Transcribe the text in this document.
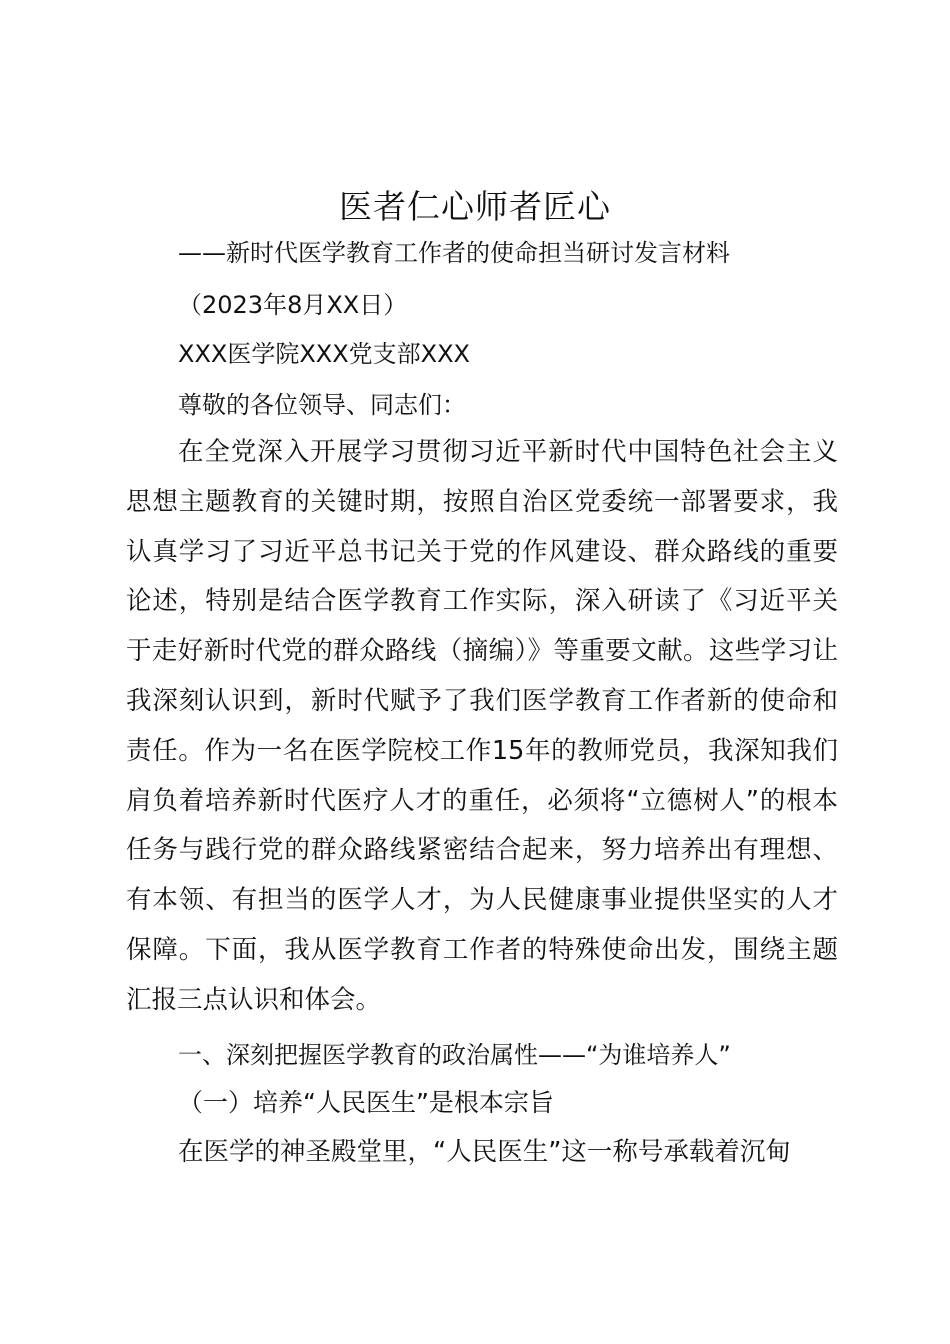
医者仁心师者匠心
——新时代医学教育工作者的使命担当研讨发言材料
（2023年8月XX日）
XXX医学院XXX党支部XXX
尊敬的各位领导、同志们：

在全党深入开展学习贯彻习近平新时代中国特色社会主义思想主题教育的关键时期，按照自治区党委统一部署要求，我认真学习了习近平总书记关于党的作风建设、群众路线的重要论述，特别是结合医学教育工作实际，深入研读了《习近平关于走好新时代党的群众路线（摘编）》等重要文献。这些学习让我深刻认识到，新时代赋予了我们医学教育工作者新的使命和责任。作为一名在医学院校工作15年的教师党员，我深知我们肩负着培养新时代医疗人才的重任，必须将“立德树人”的根本任务与践行党的群众路线紧密结合起来，努力培养出有理想、有本领、有担当的医学人才，为人民健康事业提供坚实的人才保障。下面，我从医学教育工作者的特殊使命出发，围绕主题汇报三点认识和体会。

一、深刻把握医学教育的政治属性——“为谁培养人”
（一）培养“人民医生”是根本宗旨

在医学的神圣殿堂里，“人民医生”这一称号承载着沉甸
